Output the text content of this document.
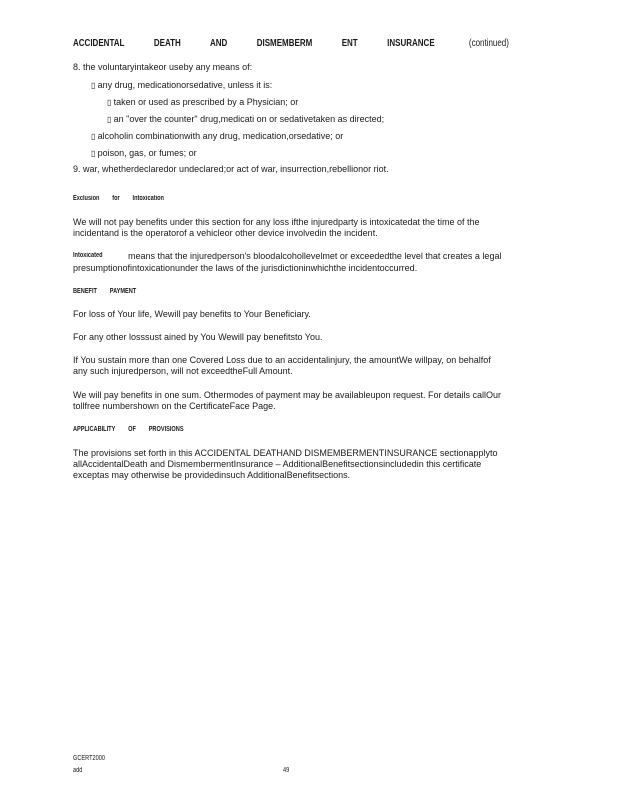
ACCIDENTAL	DEATH	AND	DISMEMBERM	ENT	INSURANCE	(continued)
8. the voluntaryintakeor useby any means of:
▯ any drug, medicationorsedative, unless it is:
▯ taken or used as prescribed by a Physician; or
▯ an "over the counter" drug,medicati on or sedativetaken as directed;
▯ alcoholin combinationwith any drug, medication,orsedative; or
▯ poison, gas, or fumes; or
9. war, whetherdeclaredor undeclared;or act of war, insurrection,rebellionor riot.
Exclusion for Intoxication
We will not pay benefits under this section for any loss ifthe injuredparty is intoxicatedat the time of the
incidentand is the operatorof a vehicleor other device involvedin the incident.
Intoxicated	means that the injuredperson's bloodalcohollevelmet or exceededthe level that creates a legal
presumptionofintoxicationunder the laws of the jurisdictioninwhichthe incidentoccurred.
BENEFIT PAYMENT
For loss of Your life, Wewill pay benefits to Your Beneficiary.
For any other losssust ained by You Wewill pay benefitsto You.
If You sustain more than one Covered Loss due to an accidentalinjury, the amountWe willpay, on behalfof
any such injuredperson, will not exceedtheFull Amount.
We will pay benefits in one sum. Othermodes of payment may be availableupon request. For details callOur
tollfree numbershown on the CertificateFace Page.
APPLICABILITY OF PROVISIONS
The provisions set forth in this ACCIDENTAL DEATHAND DISMEMBERMENTINSURANCE sectionapplyto
allAccidentalDeath and DismembermentInsurance – AdditionalBenefitsectionsincludedin this certificate
exceptas may otherwise be providedinsuch AdditionalBenefitsections.
GCERT2000
add	49
